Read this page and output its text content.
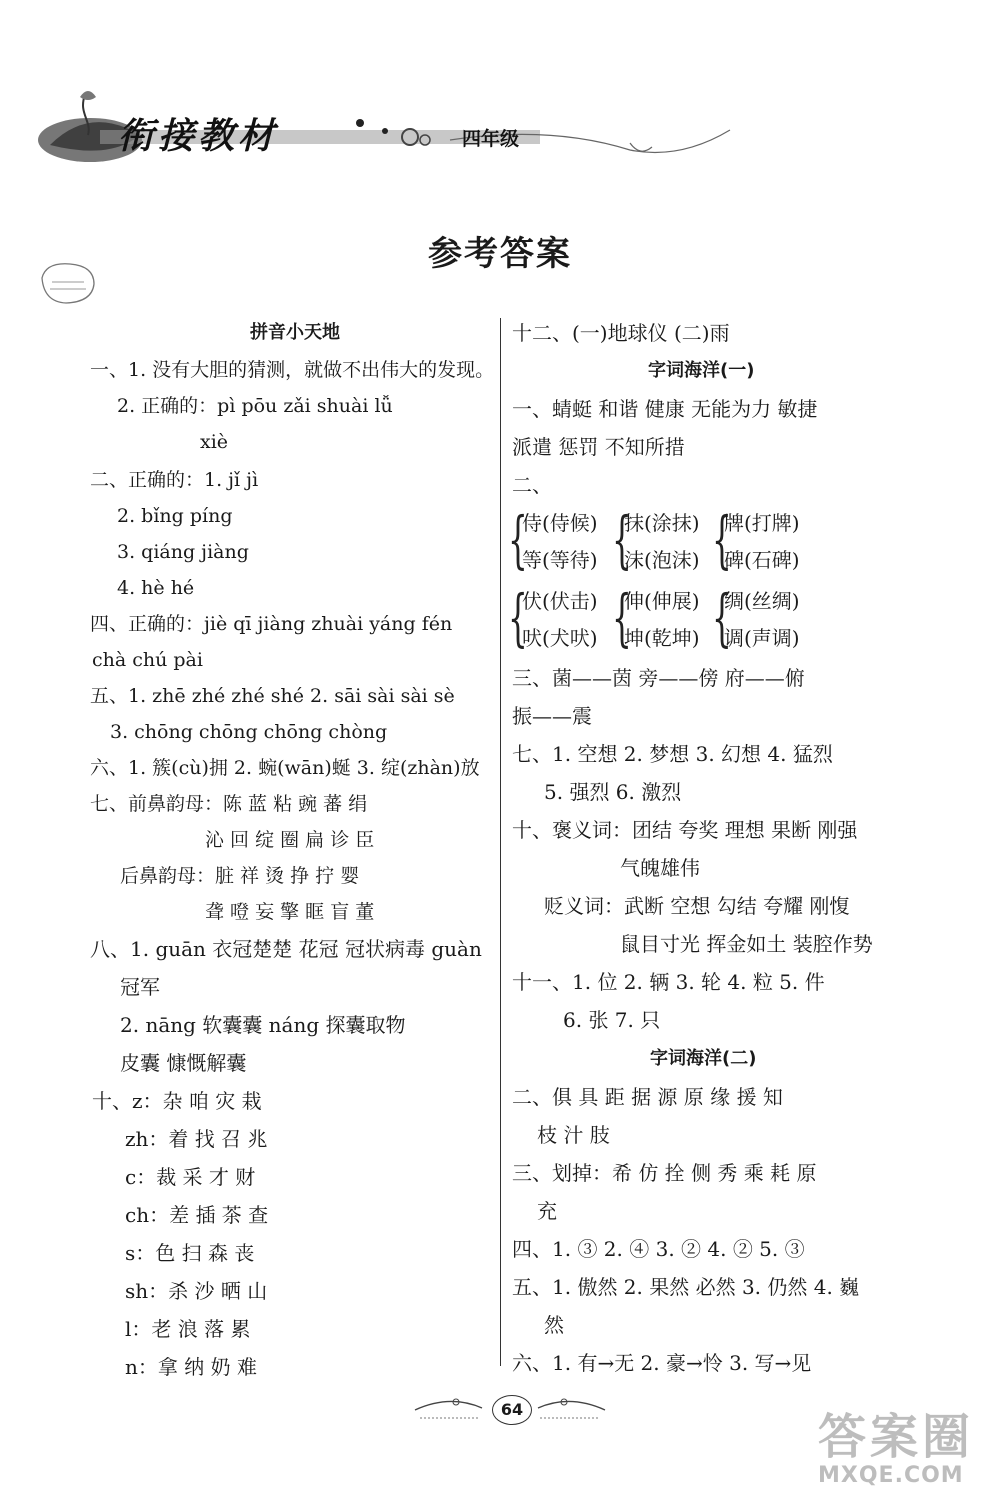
衔接教材	四年级
参考答案
拼音小天地
一、1. 没有大胆的猜测，就做不出伟大的发现。
2. 正确的：pì pōu zǎi shuài lǚ
xiè
二、正确的：1. jǐ jì
2. bǐng píng
3. qiáng jiàng
4. hè hé
四、正确的：jiè qī jiàng zhuài yáng fén
chà chú pài
五、1. zhē zhé zhé shé 2. sāi sài sài sè
3. chōng chōng chōng chòng
六、1. 簇(cù)拥 2. 蜿(wān)蜒 3. 绽(zhàn)放
七、前鼻韵母：陈 蓝 粘 豌 蕃 绢
沁 回 绽 圈 扁 诊 臣
后鼻韵母：脏 祥 烫 挣 拧 婴
聋 噔 妄 擎 眶 盲 董
八、1. guān 衣冠楚楚 花冠 冠状病毒 guàn
冠军
2. nāng 软囊囊 náng 探囊取物
皮囊 慷慨解囊
十、z：杂 咱 灾 栽
zh：着 找 召 兆
c：裁 采 才 财
ch：差 插 茶 查
s：色 扫 森 丧
sh：杀 沙 晒 山
l：老 浪 落 累
n：拿 纳 奶 难
十二、(一)地球仪 (二)雨
字词海洋(一)
一、蜻蜓 和谐 健康 无能为力 敏捷
派遣 惩罚 不知所措
二、
{
侍(侍候)
等(等待) {
抹(涂抹)
沫(泡沫) {
牌(打牌)
碑(石碑)
{
伏(伏击)
吠(犬吠) {
伸(伸展)
坤(乾坤) {
绸(丝绸)
调(声调)
三、菌——茵 旁——傍 府——俯
振——震
七、1. 空想 2. 梦想 3. 幻想 4. 猛烈
5. 强烈 6. 激烈
十、褒义词：团结 夸奖 理想 果断 刚强
气魄雄伟
贬义词：武断 空想 勾结 夸耀 刚愎
鼠目寸光 挥金如土 装腔作势
十一、1. 位 2. 辆 3. 轮 4. 粒 5. 件
6. 张 7. 只
字词海洋(二)
二、俱 具 距 据 源 原 缘 援 知
枝 汁 肢
三、划掉：希 仿 拴 侧 秀 乘 耗 原
充
四、1. ③ 2. ④ 3. ② 4. ② 5. ③
五、1. 傲然 2. 果然 必然 3. 仍然 4. 巍
然
六、1. 有→无 2. 豪→怜 3. 写→见
64	答案圈
MXQE.COM
